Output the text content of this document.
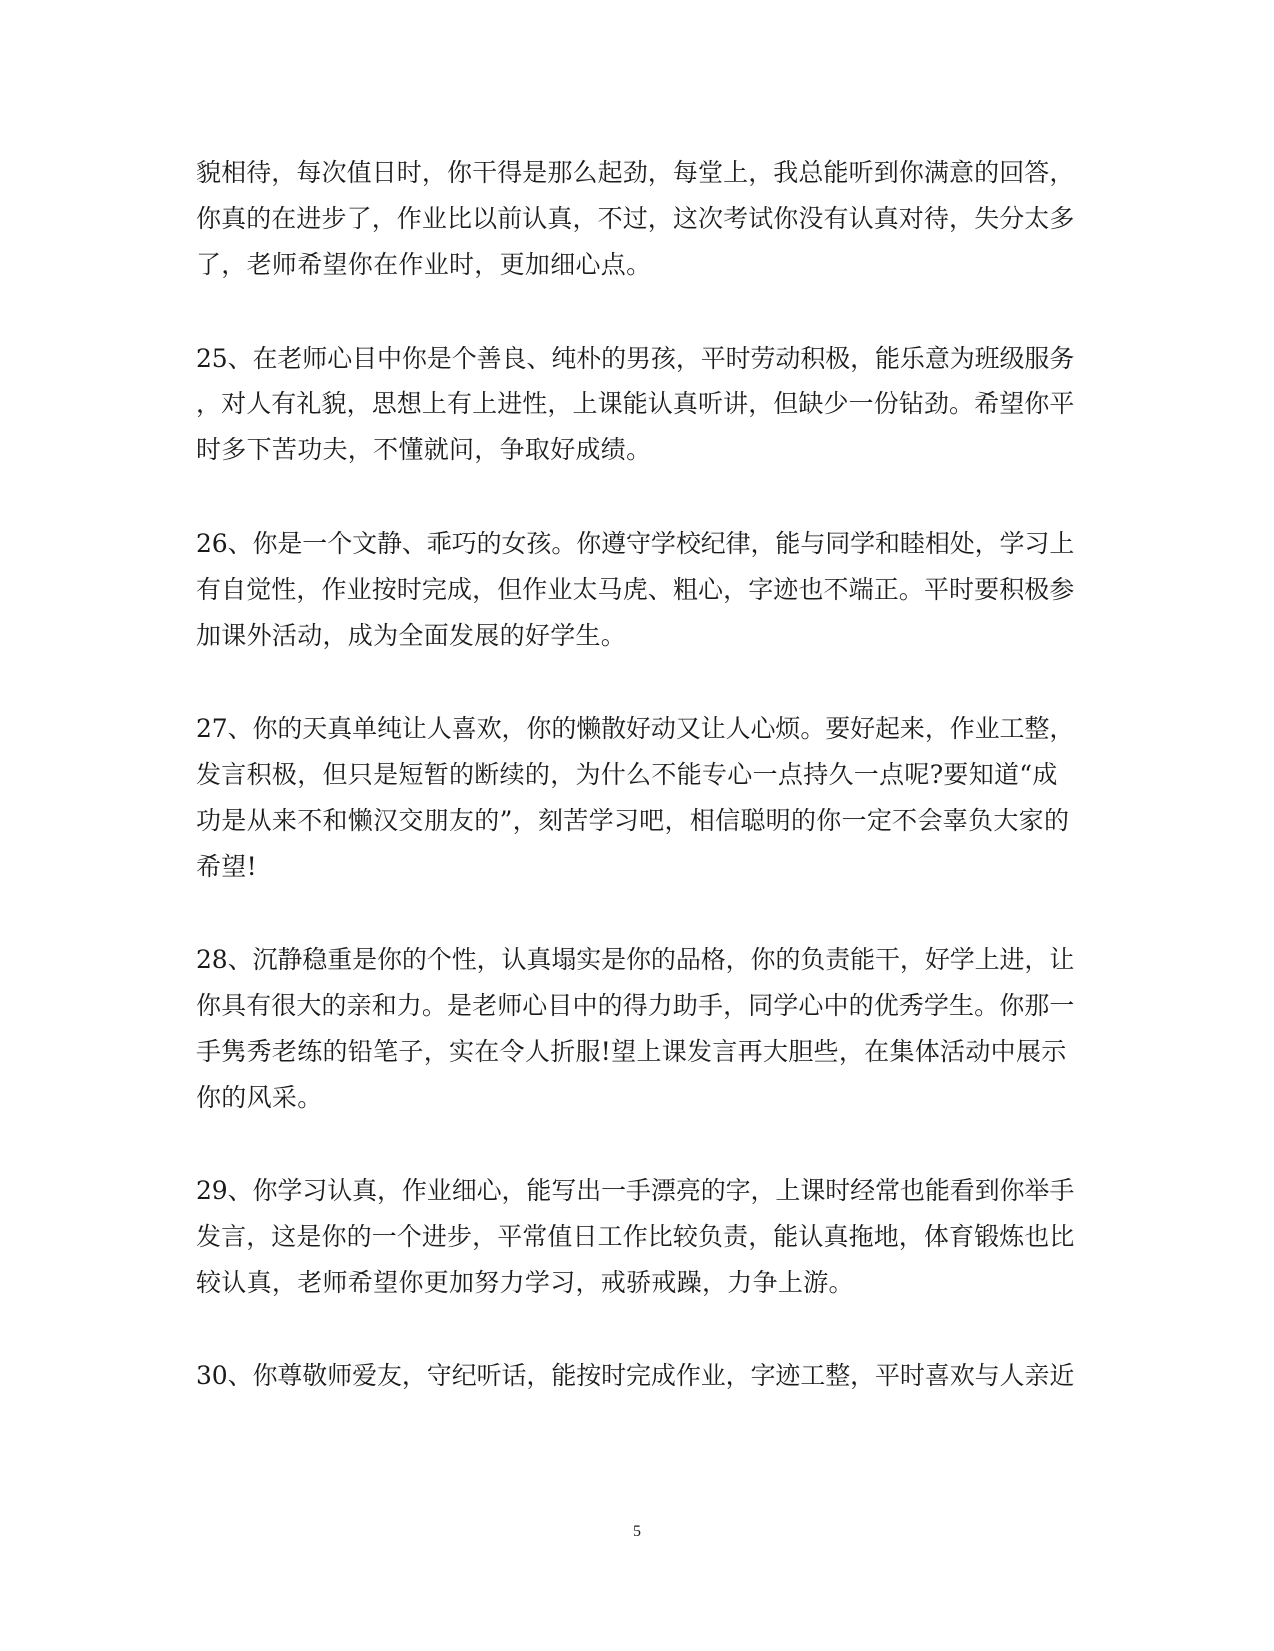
貌相待，每次值日时，你干得是那么起劲，每堂上，我总能听到你满意的回答，
你真的在进步了，作业比以前认真，不过，这次考试你没有认真对待，失分太多
了，老师希望你在作业时，更加细心点。
25、在老师心目中你是个善良、纯朴的男孩，平时劳动积极，能乐意为班级服务
，对人有礼貌，思想上有上进性，上课能认真听讲，但缺少一份钻劲。希望你平
时多下苦功夫，不懂就问，争取好成绩。
26、你是一个文静、乖巧的女孩。你遵守学校纪律，能与同学和睦相处，学习上
有自觉性，作业按时完成，但作业太马虎、粗心，字迹也不端正。平时要积极参
加课外活动，成为全面发展的好学生。
27、你的天真单纯让人喜欢，你的懒散好动又让人心烦。要好起来，作业工整，
发言积极，但只是短暂的断续的，为什么不能专心一点持久一点呢?要知道“成
功是从来不和懒汉交朋友的”，刻苦学习吧，相信聪明的你一定不会辜负大家的
希望!
28、沉静稳重是你的个性，认真塌实是你的品格，你的负责能干，好学上进，让
你具有很大的亲和力。是老师心目中的得力助手，同学心中的优秀学生。你那一
手隽秀老练的铅笔子，实在令人折服!望上课发言再大胆些，在集体活动中展示
你的风采。
29、你学习认真，作业细心，能写出一手漂亮的字，上课时经常也能看到你举手
发言，这是你的一个进步，平常值日工作比较负责，能认真拖地，体育锻炼也比
较认真，老师希望你更加努力学习，戒骄戒躁，力争上游。
30、你尊敬师爱友，守纪听话，能按时完成作业，字迹工整，平时喜欢与人亲近
5
